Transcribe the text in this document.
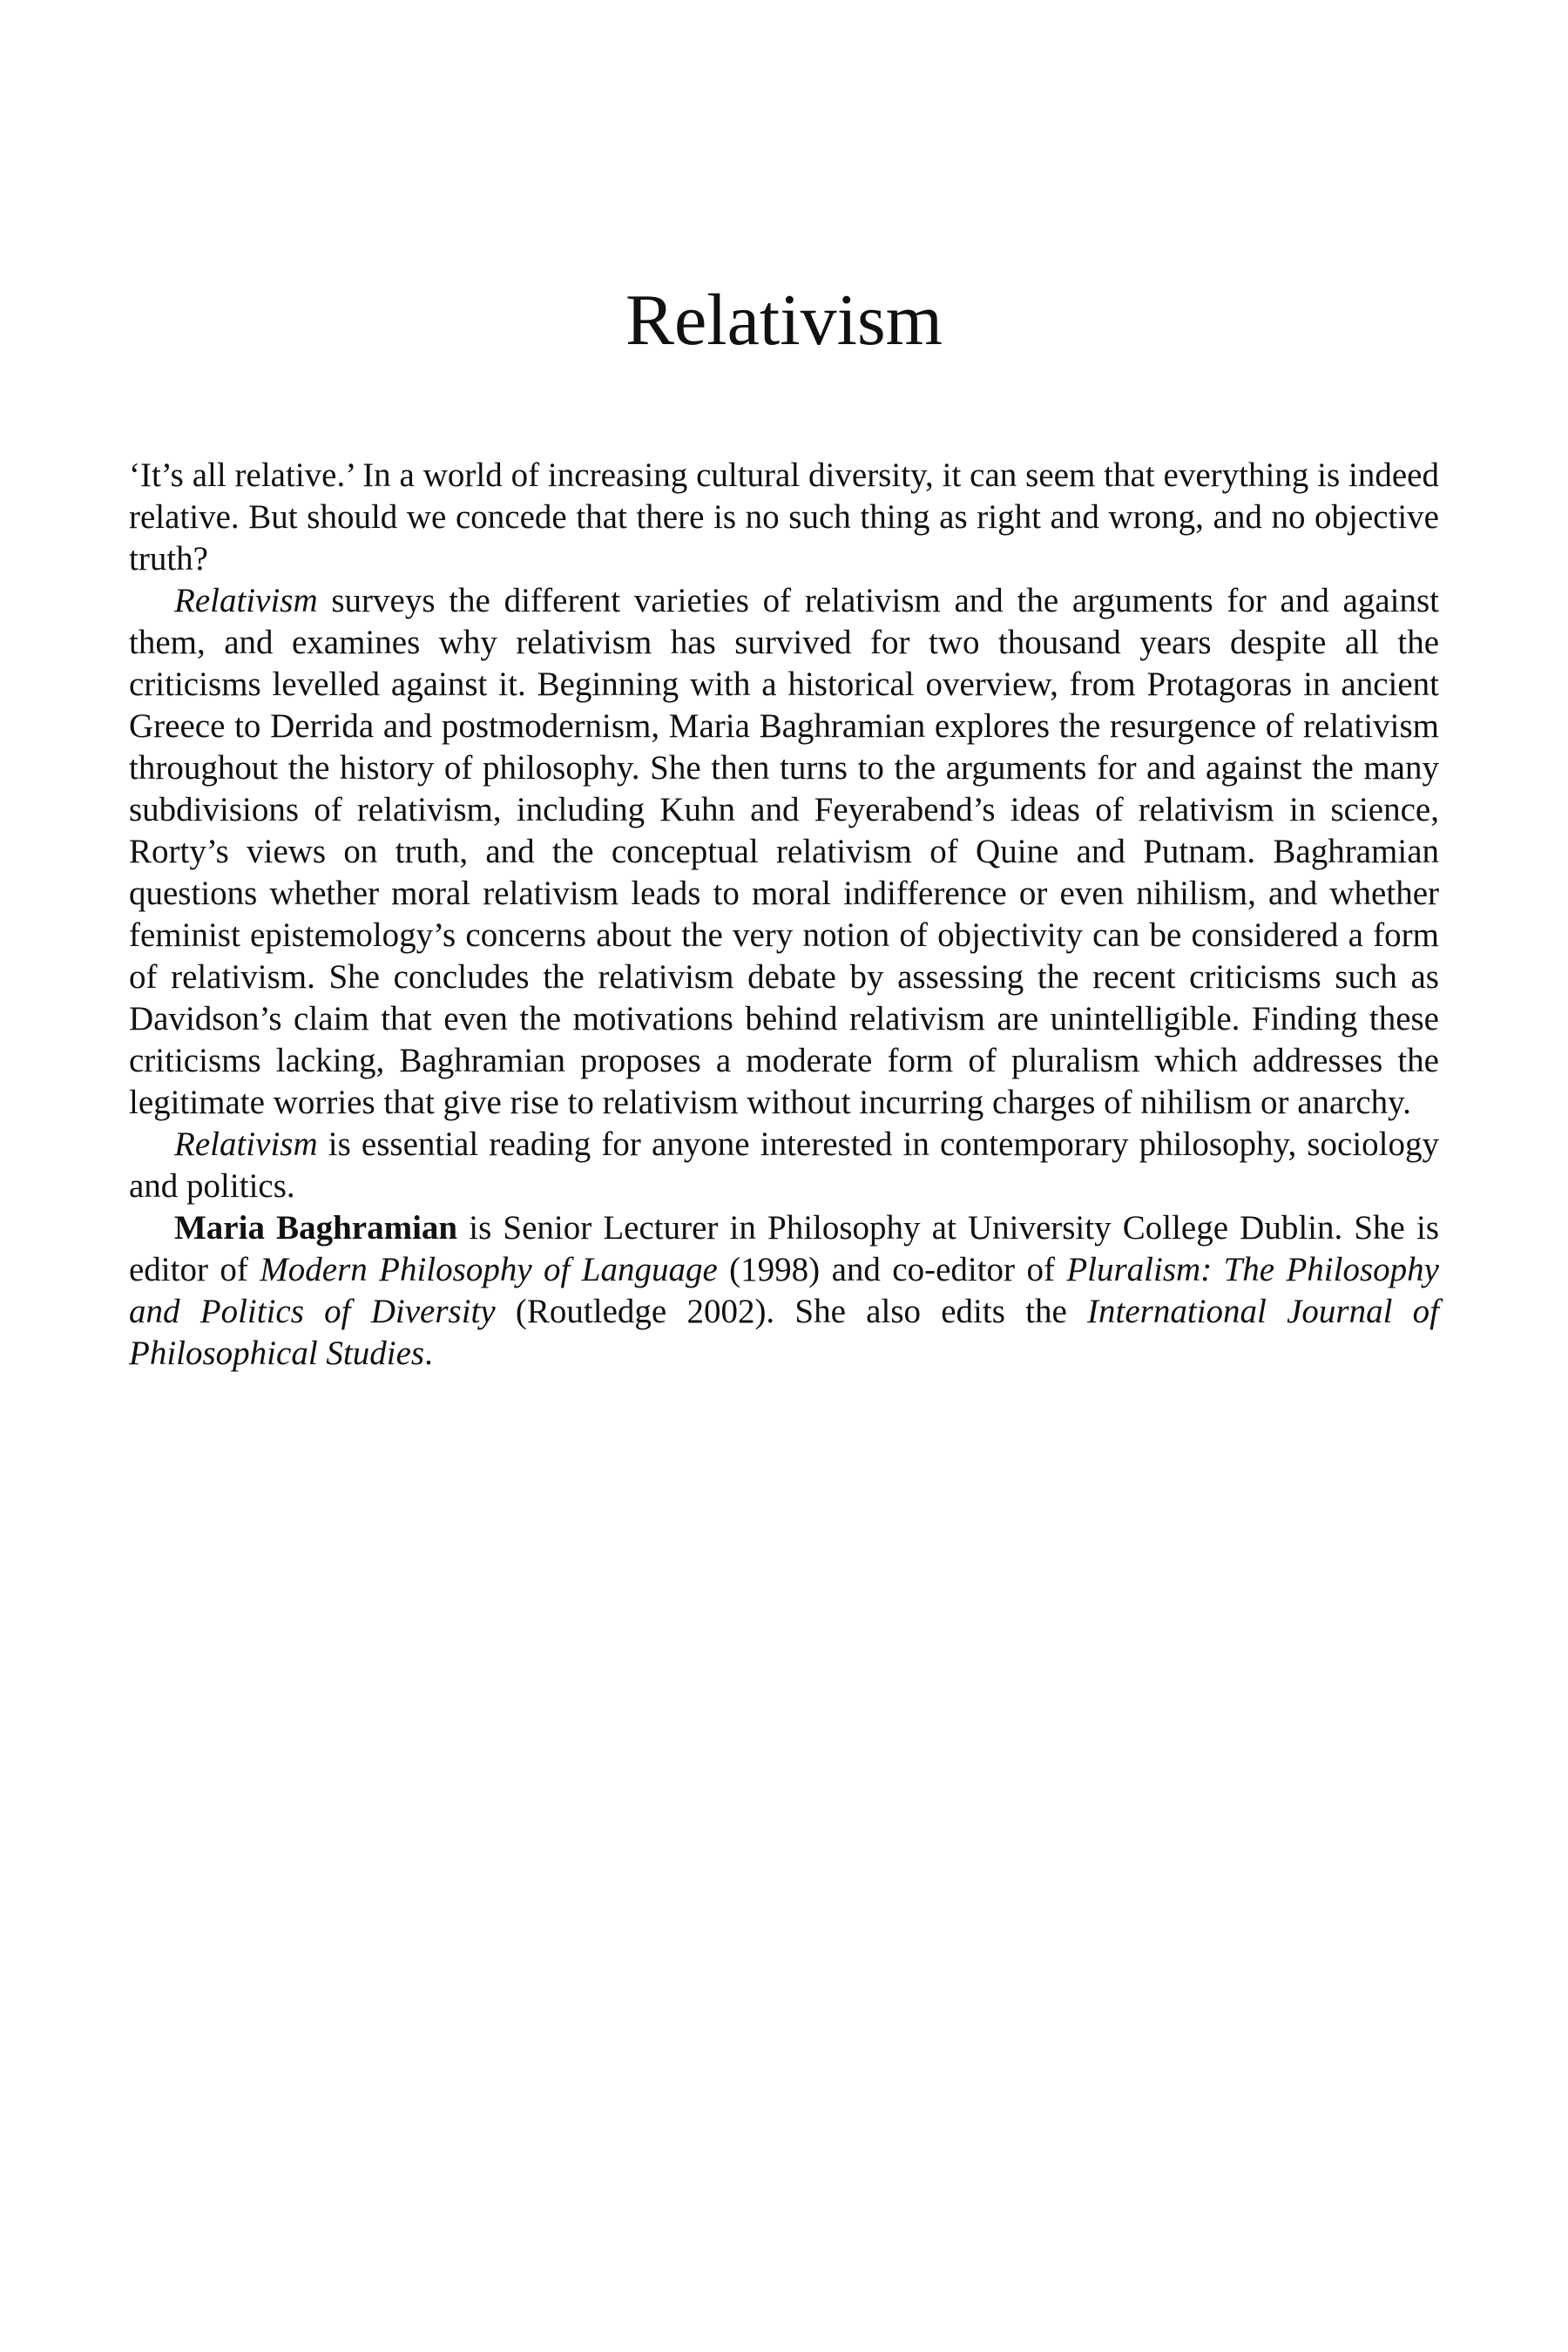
Relativism

‘It’s all relative.’ In a world of increasing cultural diversity, it can seem that everything is indeed relative. But should we concede that there is no such thing as right and wrong, and no objective truth?

Relativism surveys the different varieties of relativism and the arguments for and against them, and examines why relativism has survived for two thousand years despite all the criticisms levelled against it. Beginning with a historical overview, from Protagoras in ancient Greece to Derrida and postmodernism, Maria Baghramian explores the resurgence of relativism throughout the history of philosophy. She then turns to the arguments for and against the many subdivisions of relativism, including Kuhn and Feyerabend’s ideas of relativism in science, Rorty’s views on truth, and the conceptual relativism of Quine and Putnam. Baghramian questions whether moral relativism leads to moral indifference or even nihilism, and whether feminist epistemology’s concerns about the very notion of objectivity can be considered a form of relativism. She concludes the relativism debate by assessing the recent criticisms such as Davidson’s claim that even the motivations behind relativism are unintelligible. Finding these criticisms lacking, Baghramian proposes a moderate form of pluralism which addresses the legitimate worries that give rise to relativism without incurring charges of nihilism or anarchy.

Relativism is essential reading for anyone interested in contemporary philosophy, sociology and politics.

Maria Baghramian is Senior Lecturer in Philosophy at University College Dublin. She is editor of Modern Philosophy of Language (1998) and co-editor of Pluralism: The Philosophy and Politics of Diversity (Routledge 2002). She also edits the International Journal of Philosophical Studies.
